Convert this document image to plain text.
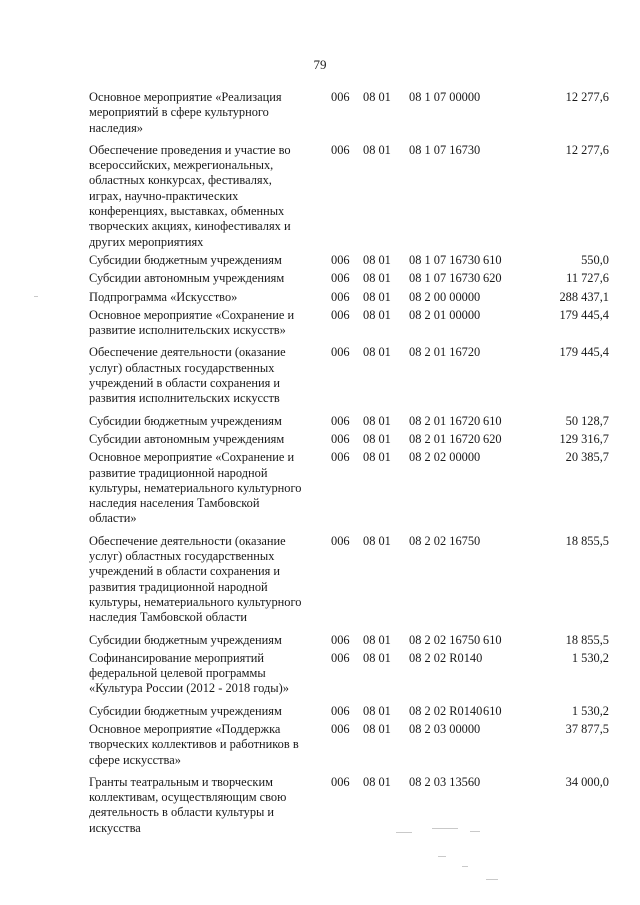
79
Основное мероприятие «Реализация мероприятий в сфере культурного наследия»
006 08 01 08 1 07 00000	12 277,6
Обеспечение проведения и участие во всероссийских, межрегиональных, областных конкурсах, фестивалях, играх, научно-практических конференциях, выставках, обменных творческих акциях, кинофестивалях и других мероприятиях
006 08 01 08 1 07 16730	12 277,6
Субсидии бюджетным учреждениям	006 08 01 08 1 07 16730 610	550,0
Субсидии автономным учреждениям	006 08 01 08 1 07 16730 620	11 727,6
Подпрограмма «Искусство»	006 08 01 08 2 00 00000	288 437,1
Основное мероприятие «Сохранение и развитие исполнительских искусств»
006 08 01 08 2 01 00000	179 445,4
Обеспечение деятельности (оказание услуг) областных государственных учреждений в области сохранения и развития исполнительских искусств
006 08 01 08 2 01 16720	179 445,4
Субсидии бюджетным учреждениям	006 08 01 08 2 01 16720 610	50 128,7
Субсидии автономным учреждениям	006 08 01 08 2 01 16720 620	129 316,7
Основное мероприятие «Сохранение и развитие традиционной народной культуры, нематериального культурного наследия населения Тамбовской области»
006 08 01 08 2 02 00000	20 385,7
Обеспечение деятельности (оказание услуг) областных государственных учреждений в области сохранения и развития традиционной народной культуры, нематериального культурного наследия Тамбовской области
006 08 01 08 2 02 16750	18 855,5
Субсидии бюджетным учреждениям	006 08 01 08 2 02 16750 610	18 855,5
Софинансирование мероприятий федеральной целевой программы «Культура России (2012 - 2018 годы)»
006 08 01 08 2 02 R0140	1 530,2
Субсидии бюджетным учреждениям	006 08 01 08 2 02 R0140 610	1 530,2
Основное мероприятие «Поддержка творческих коллективов и работников в сфере искусства»
006 08 01 08 2 03 00000	37 877,5
Гранты театральным и творческим коллективам, осуществляющим свою деятельность в области культуры и искусства
006 08 01 08 2 03 13560	34 000,0
